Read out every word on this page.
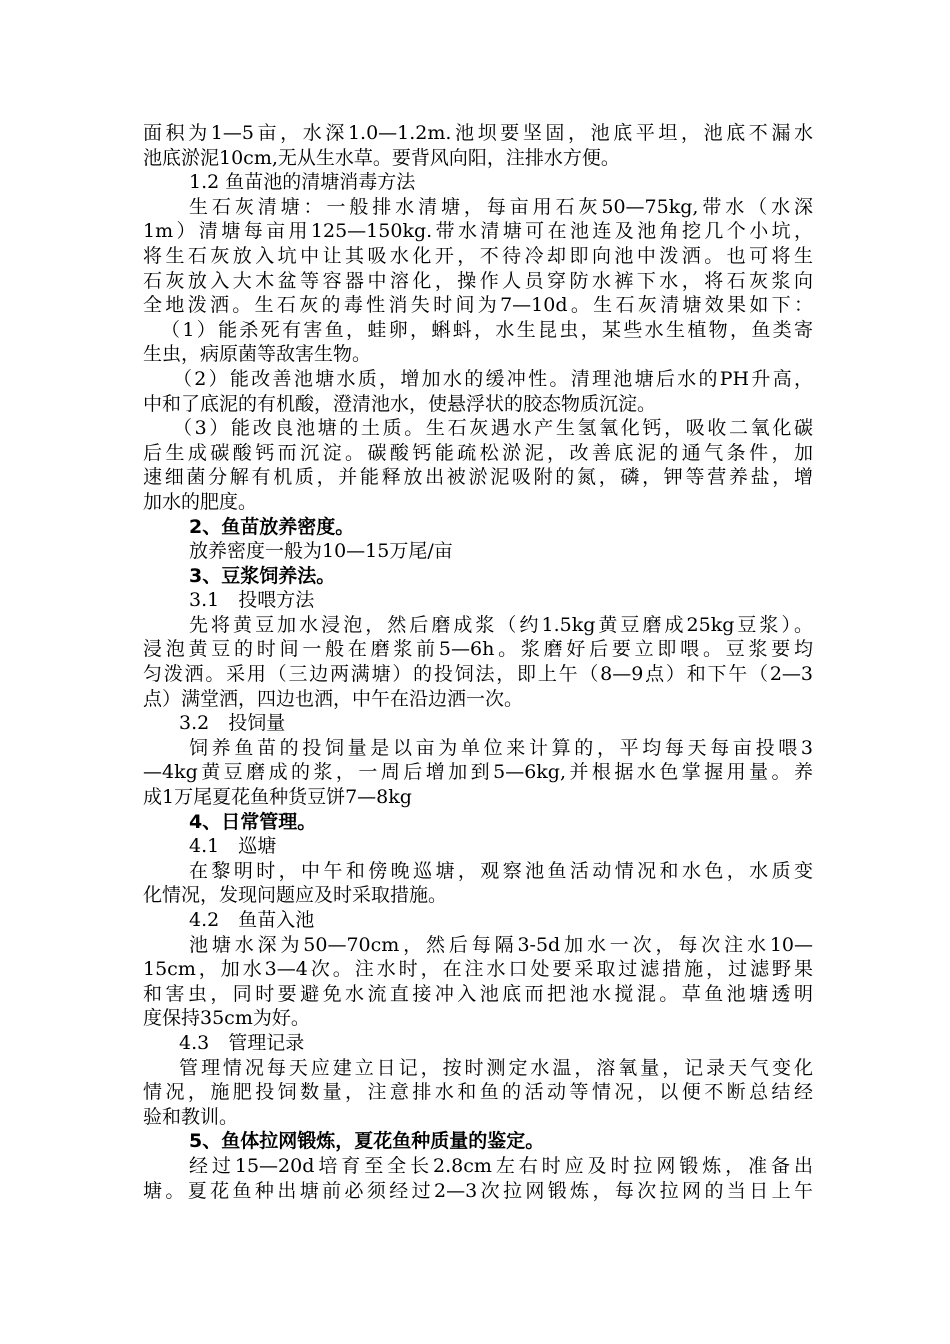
面积为1—5亩，水深1.0—1.2m.池坝要坚固，池底平坦，池底不漏水
池底淤泥10cm,无从生水草。要背风向阳，注排水方便。
1.2 鱼苗池的清塘消毒方法
生石灰清塘：一般排水清塘，每亩用石灰50—75kg,带水（水深
1m）清塘每亩用125—150kg.带水清塘可在池连及池角挖几个小坑，
将生石灰放入坑中让其吸水化开，不待冷却即向池中泼洒。也可将生
石灰放入大木盆等容器中溶化，操作人员穿防水裤下水，将石灰浆向
全地泼洒。生石灰的毒性消失时间为7—10d。生石灰清塘效果如下：
（1）能杀死有害鱼，蛙卵，蝌蚪，水生昆虫，某些水生植物，鱼类寄
生虫，病原菌等敌害生物。
（2）能改善池塘水质，增加水的缓冲性。清理池塘后水的PH升高，
中和了底泥的有机酸，澄清池水，使悬浮状的胶态物质沉淀。
（3）能改良池塘的土质。生石灰遇水产生氢氧化钙，吸收二氧化碳
后生成碳酸钙而沉淀。碳酸钙能疏松淤泥，改善底泥的通气条件，加
速细菌分解有机质，并能释放出被淤泥吸附的氮，磷，钾等营养盐，增
加水的肥度。
2、鱼苗放养密度。
放养密度一般为10—15万尾/亩
3、豆浆饲养法。
3.1　投喂方法
先将黄豆加水浸泡，然后磨成浆（约1.5kg黄豆磨成25kg豆浆）。
浸泡黄豆的时间一般在磨浆前5—6h。浆磨好后要立即喂。豆浆要均
匀泼洒。采用（三边两满塘）的投饲法，即上午（8—9点）和下午（2—3
点）满堂洒，四边也洒，中午在沿边洒一次。
3.2　投饲量
饲养鱼苗的投饲量是以亩为单位来计算的，平均每天每亩投喂3
—4kg黄豆磨成的浆，一周后增加到5—6kg,并根据水色掌握用量。养
成1万尾夏花鱼种货豆饼7—8kg
4、日常管理。
4.1　巡塘
在黎明时，中午和傍晚巡塘，观察池鱼活动情况和水色，水质变
化情况，发现问题应及时采取措施。
4.2　鱼苗入池
池塘水深为50—70cm，然后每隔3-5d加水一次，每次注水10—
15cm，加水3—4次。注水时，在注水口处要采取过滤措施，过滤野果
和害虫，同时要避免水流直接冲入池底而把池水搅混。草鱼池塘透明
度保持35cm为好。
4.3　管理记录
管理情况每天应建立日记，按时测定水温，溶氧量，记录天气变化
情况，施肥投饲数量，注意排水和鱼的活动等情况，以便不断总结经
验和教训。
5、鱼体拉网锻炼，夏花鱼种质量的鉴定。
经过15—20d培育至全长2.8cm左右时应及时拉网锻炼，准备出
塘。夏花鱼种出塘前必须经过2—3次拉网锻炼，每次拉网的当日上午
